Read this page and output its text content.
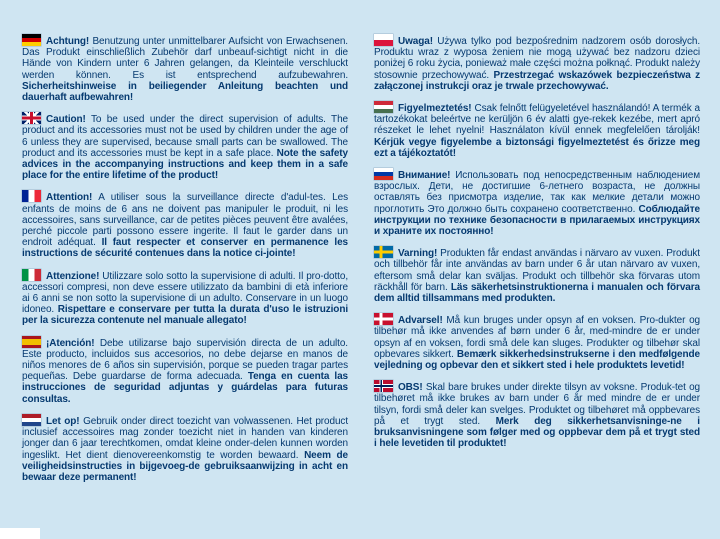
Achtung! Benutzung unter unmittelbarer Aufsicht von Erwachsenen. Das Produkt einschließlich Zubehör darf unbeauf-sichtigt nicht in die Hände von Kindern unter 6 Jahren gelangen, da Kleinteile verschluckt werden können. Es ist entsprechend aufzubewahren. Sicherheitshinweise in beiliegender Anleitung beachten und dauerhaft aufbewahren!

Caution! To be used under the direct supervision of adults. The product and its accessories must not be used by children under the age of 6 unless they are supervised, because small parts can be swallowed. The product and its accessories must be kept in a safe place. Note the safety advices in the accompanying instructions and keep them in a safe place for the entire lifetime of the product!

Attention! A utiliser sous la surveillance directe d'adul-tes. Les enfants de moins de 6 ans ne doivent pas manipuler le produit, ni les accessoires, sans surveillance, car de petites pièces peuvent être avalées, perché piccole parti possono essere ingerite. Il faut le garder dans un endroit adéquat. Il faut respecter et conserver en permanence les instructions de sécurité contenues dans la notice ci-jointe!

Attenzione! Utilizzare solo sotto la supervisione di adulti. Il pro-dotto, accessori compresi, non deve essere utilizzato da bambini di età inferiore ai 6 anni se non sotto la supervisione di un adulto. Conservare in un luogo idoneo. Rispettare e conservare per tutta la durata d'uso le istruzioni per la sicurezza contenute nel manuale allegato!

¡Atención! Debe utilizarse bajo supervisión directa de un adulto. Este producto, incluidos sus accesorios, no debe dejarse en manos de niños menores de 6 años sin supervisión, porque se pueden tragar partes pequeñas. Debe guardarse de forma adecuada. Tenga en cuenta las instrucciones de seguridad adjuntas y guárdelas para futuras consultas.

Let op! Gebruik onder direct toezicht van volwassenen. Het product inclusief accessoires mag zonder toezicht niet in handen van kinderen jonger dan 6 jaar terechtkomen, omdat kleine onder-delen kunnen worden ingeslikt. Het dient dienovereenkomstig te worden bewaard. Neem de veiligheidsinstructies in bijgevoeg-de gebruiksaanwijzing in acht en bewaar deze permanent!

Uwaga! Używa tylko pod bezpośrednim nadzorem osób dorosłych. Produktu wraz z wyposa żeniem nie mogą używać bez nadzoru dzieci poniżej 6 roku życia, ponieważ małe części można połknąć. Produkt należy stosownie przechowywać. Przestrzegać wskazówek bezpieczeństwa z załączonej instrukcji oraz je trwale przechowywać.

Figyelmeztetés! Csak felnőtt felügyeletével használandó! A termék a tartozékokat beleértve ne kerüljön 6 év alatti gye-rekek kezébe, mert apró részeket le lehet nyelni! Használaton kívül ennek megfelelően tárolják! Kérjük vegye figyelembe a biztonsági figyelmeztetést és őrizze meg ezt a tájékoztatót!

Внимание! Использовать под непосредственным наблюдением взрослых. Дети, не достигшие 6-летнего возраста, не должны оставлять без присмотра изделие, так как мелкие детали можно проглотить Это должно быть сохранено соответственно. Соблюдайте инструкции по технике безопасности в прилагаемых инструкциях и храните их постоянно!

Varning! Produkten får endast användas i närvaro av vuxen. Produkt och tillbehör får inte användas av barn under 6 år utan närvaro av vuxen, eftersom små delar kan sväljas. Produkt och tillbehör ska förvaras utom räckhåll för barn. Läs säkerhetsinstruktionerna i manualen och förvara dem alltid tillsammans med produkten.

Advarsel! Må kun bruges under opsyn af en voksen. Pro-dukter og tilbehør må ikke anvendes af børn under 6 år, med-mindre de er under opsyn af en voksen, fordi små dele kan sluges. Produkter og tilbehør skal opbevares sikkert. Bemærk sikkerhedsinstrukserne i den medfølgende vejledning og opbevar den et sikkert sted i hele produktets levetid!

OBS! Skal bare brukes under direkte tilsyn av voksne. Produk-tet og tilbehøret må ikke brukes av barn under 6 år med mindre de er under tilsyn, fordi små deler kan svelges. Produktet og tilbehøret må oppbevares på et trygt sted. Merk deg sikkerhetsanvisninge-ne i bruksanvisningene som følger med og oppbevar dem på et trygt sted i hele levetiden til produktet!
